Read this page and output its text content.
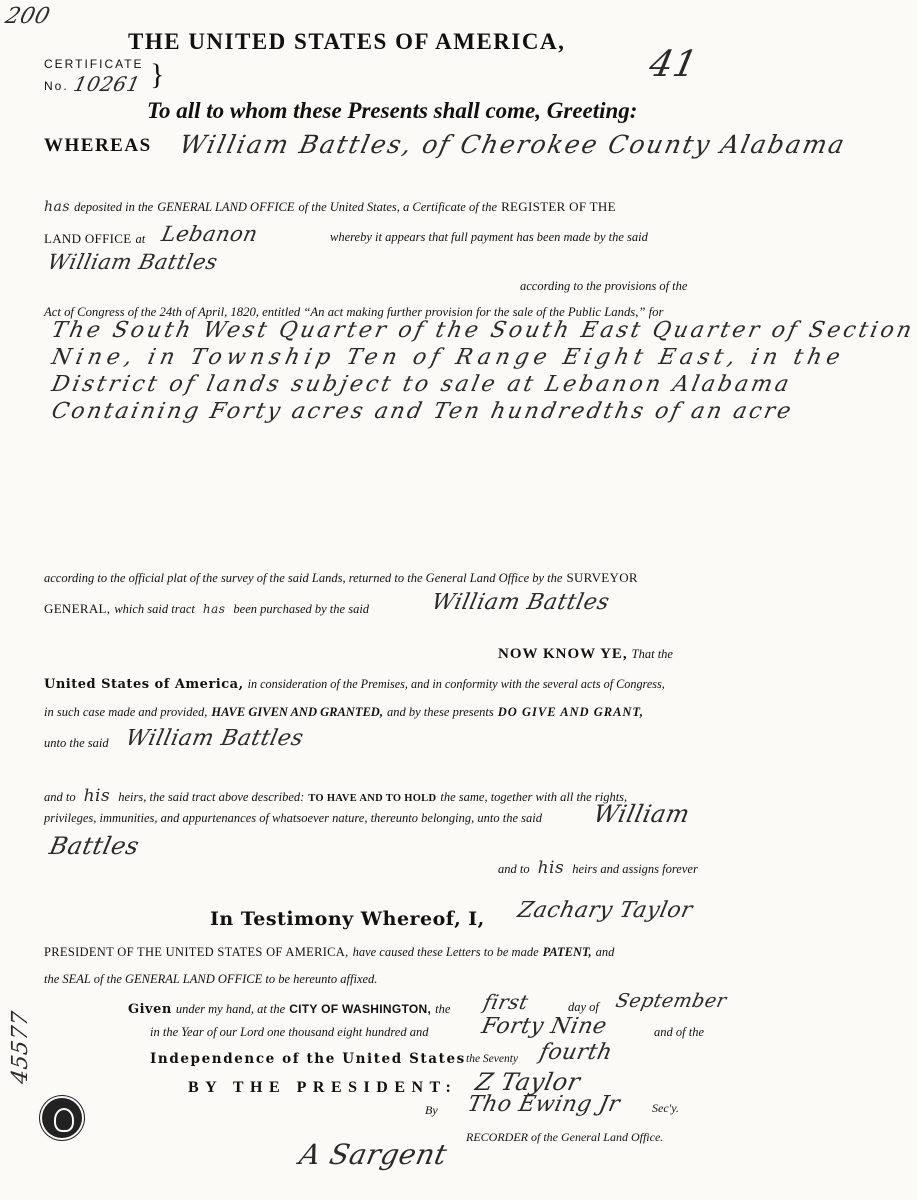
200
THE UNITED STATES OF AMERICA,
41
CERTIFICATE
No. 10261 }
To all to whom these Presents shall come, Greeting:
WHEREAS William Battles, of Cherokee County Alabama
has deposited in the GENERAL LAND OFFICE of the United States, a Certificate of the REGISTER OF THE
LAND OFFICE at Lebanon	whereby it appears that full payment has been made by the said
William Battles
according to the provisions of the
Act of Congress of the 24th of April, 1820, entitled “An act making further provision for the sale of the Public Lands,” for
The South West Quarter of the South East Quarter of Section
Nine, in Township Ten of Range Eight East, in the
District of lands subject to sale at Lebanon Alabama
Containing Forty acres and Ten hundredths of an acre
according to the official plat of the survey of the said Lands, returned to the General Land Office by the SURVEYOR
GENERAL, which said tract has been purchased by the said	William Battles
NOW KNOW YE, That the
United States of America, in consideration of the Premises, and in conformity with the several acts of Congress,
in such case made and provided, HAVE GIVEN AND GRANTED, and by these presents DO GIVE AND GRANT,
unto the said William Battles
and to his heirs, the said tract above described: TO HAVE AND TO HOLD the same, together with all the rights,
privileges, immunities, and appurtenances of whatsoever nature, thereunto belonging, unto the said William
Battles
and to his heirs and assigns forever
In Testimony Whereof, I, Zachary Taylor
PRESIDENT OF THE UNITED STATES OF AMERICA, have caused these Letters to be made PATENT, and
the SEAL of the GENERAL LAND OFFICE to be hereunto affixed.
Given under my hand, at the CITY OF WASHINGTON, the first	day of September
in the Year of our Lord one thousand eight hundred and Forty Nine	and of the
Independence of the United States the Seventy fourth
BY THE PRESIDENT: Z Taylor
By Tho Ewing Jr Sec'y.
A Sargent
RECORDER of the General Land Office.
45577
